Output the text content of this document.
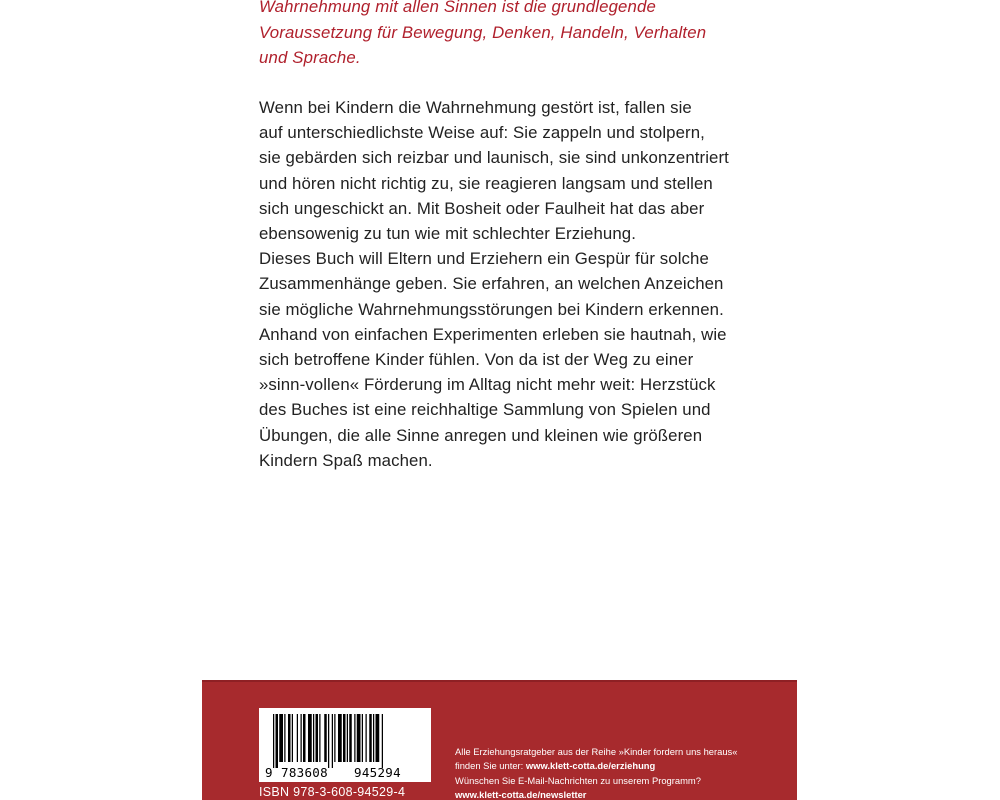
Wahrnehmung mit allen Sinnen ist die grundlegende
Voraussetzung für Bewegung, Denken, Handeln, Verhalten
und Sprache.

Wenn bei Kindern die Wahrnehmung gestört ist, fallen sie
auf unterschiedlichste Weise auf: Sie zappeln und stolpern,
sie gebärden sich reizbar und launisch, sie sind unkonzentriert
und hören nicht richtig zu, sie reagieren langsam und stellen
sich ungeschickt an. Mit Bosheit oder Faulheit hat das aber
ebensowenig zu tun wie mit schlechter Erziehung.
Dieses Buch will Eltern und Erziehern ein Gespür für solche
Zusammenhänge geben. Sie erfahren, an welchen Anzeichen
sie mögliche Wahrnehmungsstörungen bei Kindern erkennen.
Anhand von einfachen Experimenten erleben sie hautnah, wie
sich betroffene Kinder fühlen. Von da ist der Weg zu einer
»sinn-vollen« Förderung im Alltag nicht mehr weit: Herzstück
des Buches ist eine reichhaltige Sammlung von Spielen und
Übungen, die alle Sinne anregen und kleinen wie größeren
Kindern Spaß machen.

9 783608 945294
ISBN 978-3-608-94529-4
Alle Erziehungsratgeber aus der Reihe »Kinder fordern uns heraus«
finden Sie unter: www.klett-cotta.de/erziehung
Wünschen Sie E-Mail-Nachrichten zu unserem Programm?
www.klett-cotta.de/newsletter
